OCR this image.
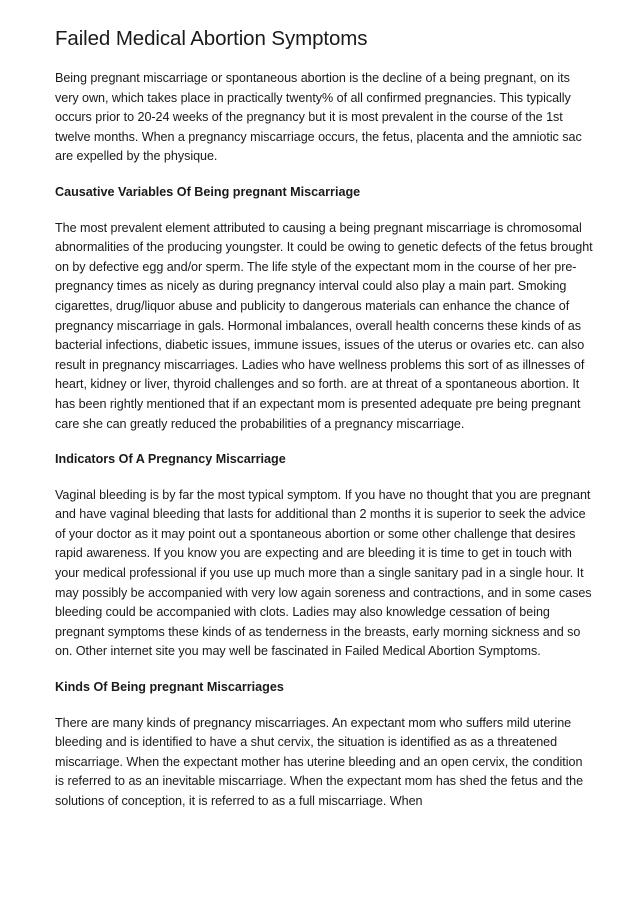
Failed Medical Abortion Symptoms

Being pregnant miscarriage or spontaneous abortion is the decline of a being pregnant, on its very own, which takes place in practically twenty% of all confirmed pregnancies. This typically occurs prior to 20-24 weeks of the pregnancy but it is most prevalent in the course of the 1st twelve months. When a pregnancy miscarriage occurs, the fetus, placenta and the amniotic sac are expelled by the physique.

Causative Variables Of Being pregnant Miscarriage

The most prevalent element attributed to causing a being pregnant miscarriage is chromosomal abnormalities of the producing youngster. It could be owing to genetic defects of the fetus brought on by defective egg and/or sperm. The life style of the expectant mom in the course of her pre-pregnancy times as nicely as during pregnancy interval could also play a main part. Smoking cigarettes, drug/liquor abuse and publicity to dangerous materials can enhance the chance of pregnancy miscarriage in gals. Hormonal imbalances, overall health concerns these kinds of as bacterial infections, diabetic issues, immune issues, issues of the uterus or ovaries etc. can also result in pregnancy miscarriages. Ladies who have wellness problems this sort of as illnesses of heart, kidney or liver, thyroid challenges and so forth. are at threat of a spontaneous abortion. It has been rightly mentioned that if an expectant mom is presented adequate pre being pregnant care she can greatly reduced the probabilities of a pregnancy miscarriage.

Indicators Of A Pregnancy Miscarriage

Vaginal bleeding is by far the most typical symptom. If you have no thought that you are pregnant and have vaginal bleeding that lasts for additional than 2 months it is superior to seek the advice of your doctor as it may point out a spontaneous abortion or some other challenge that desires rapid awareness. If you know you are expecting and are bleeding it is time to get in touch with your medical professional if you use up much more than a single sanitary pad in a single hour. It may possibly be accompanied with very low again soreness and contractions, and in some cases bleeding could be accompanied with clots. Ladies may also knowledge cessation of being pregnant symptoms these kinds of as tenderness in the breasts, early morning sickness and so on. Other internet site you may well be fascinated in Failed Medical Abortion Symptoms.

Kinds Of Being pregnant Miscarriages

There are many kinds of pregnancy miscarriages. An expectant mom who suffers mild uterine bleeding and is identified to have a shut cervix, the situation is identified as as a threatened miscarriage. When the expectant mother has uterine bleeding and an open cervix, the condition is referred to as an inevitable miscarriage. When the expectant mom has shed the fetus and the solutions of conception, it is referred to as a full miscarriage. When
